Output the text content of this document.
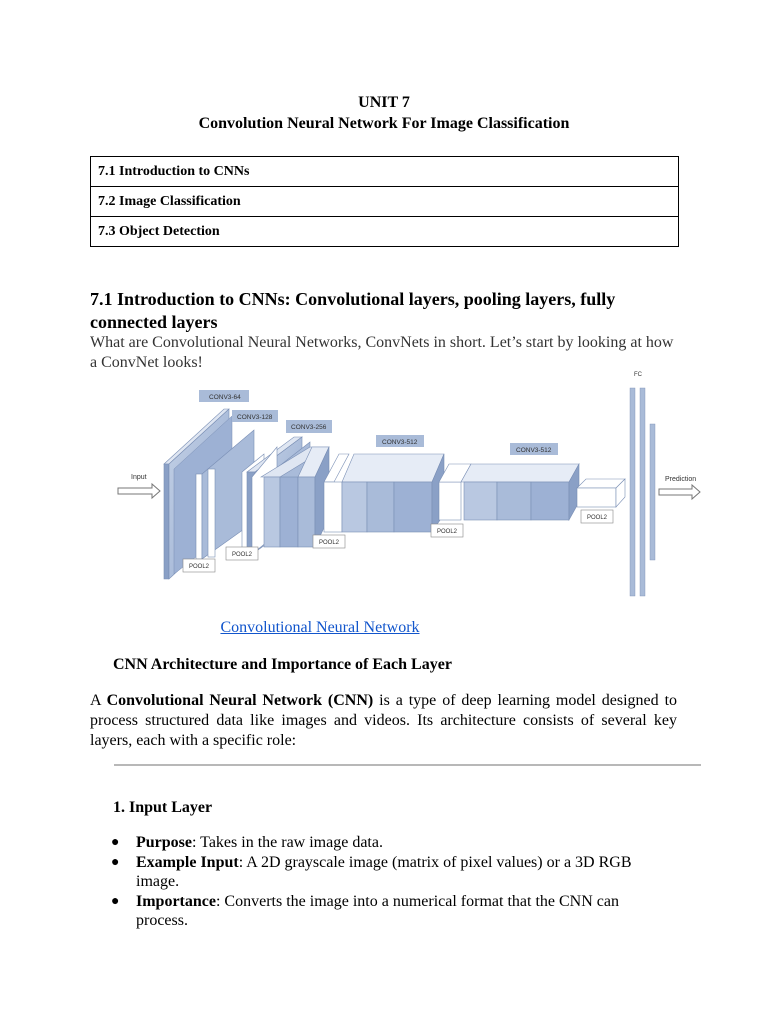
UNIT 7
Convolution Neural Network For Image Classification
7.1 Introduction to CNNs
7.2 Image Classification
7.3 Object Detection
7.1 Introduction to CNNs: Convolutional layers, pooling layers, fully connected layers
What are Convolutional Neural Networks, ConvNets in short. Let’s start by looking at how a ConvNet looks!
Input
CONV3-64
CONV3-128
CONV3-256
CONV3-512
CONV3-512
POOL2
POOL2
POOL2
POOL2
POOL2
FC
Prediction
Convolutional Neural Network
CNN Architecture and Importance of Each Layer
A Convolutional Neural Network (CNN) is a type of deep learning model designed to process structured data like images and videos. Its architecture consists of several key layers, each with a specific role:
1. Input Layer
● Purpose: Takes in the raw image data.
● Example Input: A 2D grayscale image (matrix of pixel values) or a 3D RGB image.
● Importance: Converts the image into a numerical format that the CNN can process.
